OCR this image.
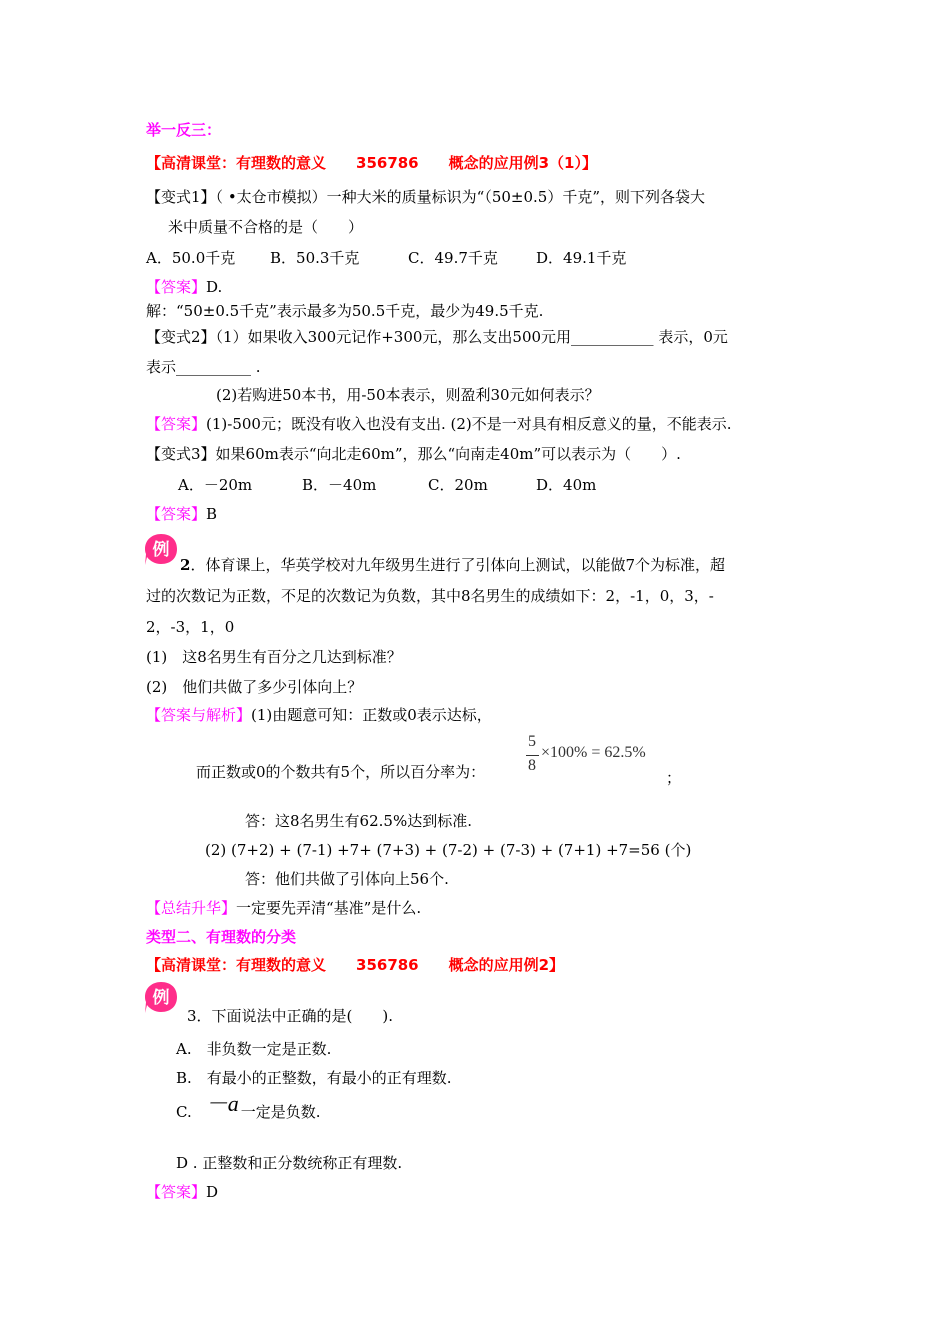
举一反三：
【高清课堂：有理数的意义　　356786　　概念的应用例3（1）】
【变式1】（ •太仓市模拟）一种大米的质量标识为“（50±0.5）千克”，则下列各袋大
米中质量不合格的是（　　）
A．50.0千克 B．50.3千克	C．49.7千克	D．49.1千克
【答案】D.
解：“50±0.5千克”表示最多为50.5千克，最少为49.5千克.
【变式2】（1）如果收入300元记作+300元，那么支出500元用___________ 表示，0元
表示__________ .
(2)若购进50本书，用-50本表示，则盈利30元如何表示？
【答案】(1)-500元；既没有收入也没有支出. (2)不是一对具有相反意义的量，不能表示.
【变式3】如果60m表示“向北走60m”，那么“向南走40m”可以表示为（　　）.
A．－20m	B．－40m	C．20m	D．40m
【答案】B
例
2．体育课上，华英学校对九年级男生进行了引体向上测试，以能做7个为标准，超
过的次数记为正数，不足的次数记为负数，其中8名男生的成绩如下：2，-1，0，3，-
2，-3，1，0
(1)　这8名男生有百分之几达到标准？
(2)　他们共做了多少引体向上？
【答案与解析】(1)由题意可知：正数或0表示达标，
而正数或0的个数共有5个，所以百分率为：
5
8
×100% = 62.5%
；
答：这8名男生有62.5%达到标准.
(2) (7+2) + (7-1) +7+ (7+3) + (7-2) + (7-3) + (7+1) +7=56 (个)
答：他们共做了引体向上56个.
【总结升华】一定要先弄清“基准”是什么.
类型二、有理数的分类
【高清课堂：有理数的意义　　356786　　概念的应用例2】
例
3．下面说法中正确的是(　　).
A.　非负数一定是正数.
B.　有最小的正整数，有最小的正有理数.
C. －a 一定是负数.
D . 正整数和正分数统称正有理数.
【答案】D
